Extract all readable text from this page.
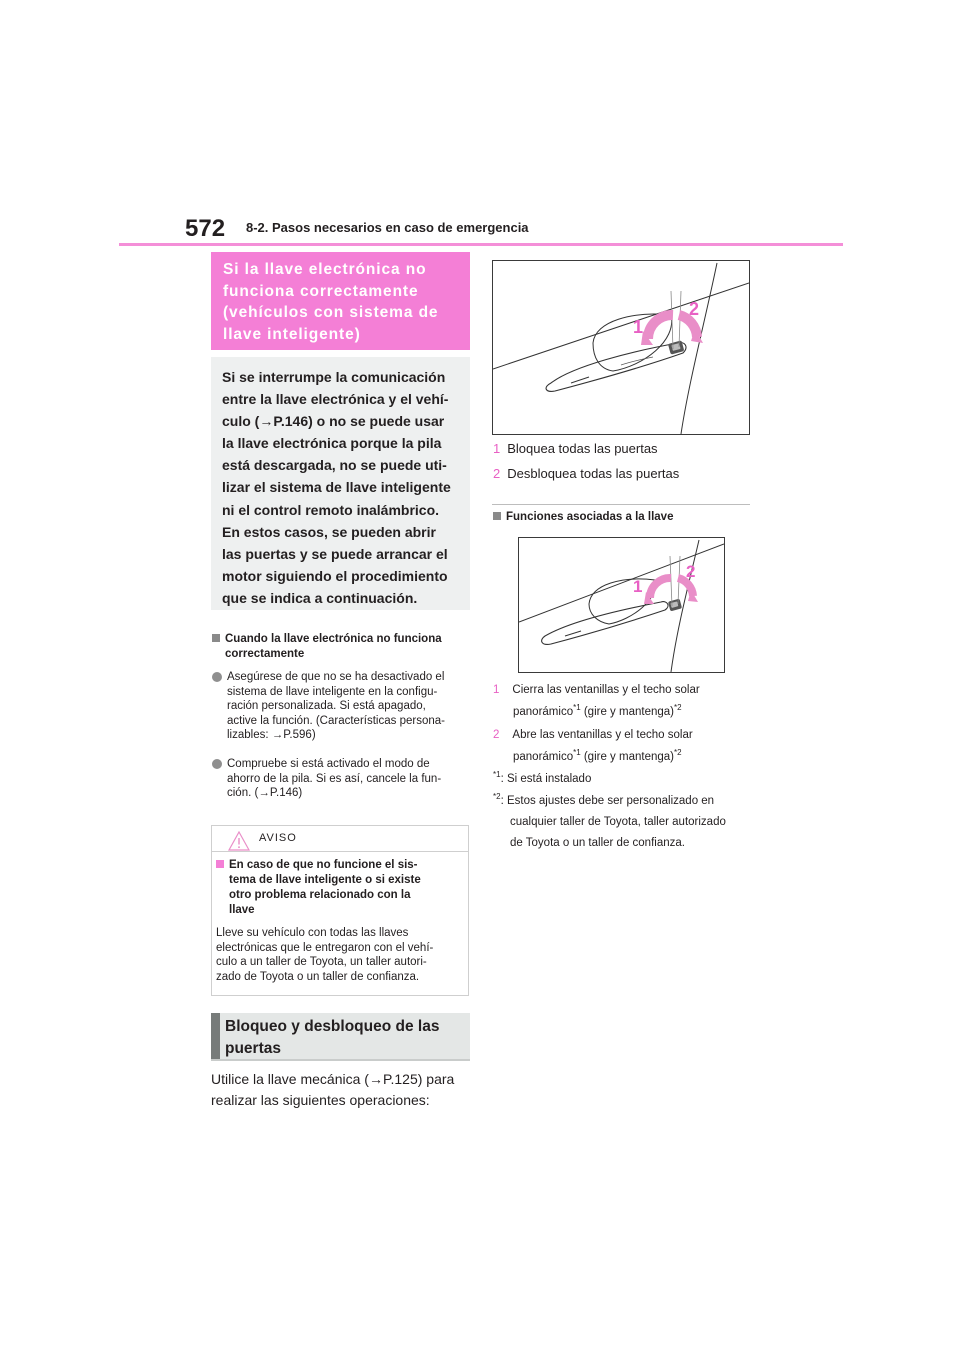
572 8-2. Pasos necesarios en caso de emergencia
Si la llave electrónica no funciona correctamente (vehículos con sistema de llave inteligente)
Si se interrumpe la comunicación
entre la llave electrónica y el vehí-
culo (→P.146) o no se puede usar
la llave electrónica porque la pila
está descargada, no se puede uti-
lizar el sistema de llave inteligente
ni el control remoto inalámbrico.
En estos casos, se pueden abrir
las puertas y se puede arrancar el
motor siguiendo el procedimiento
que se indica a continuación.
Cuando la llave electrónica no funciona
correctamente
Asegúrese de que no se ha desactivado el
sistema de llave inteligente en la configu-
ración personalizada. Si está apagado,
active la función. (Características persona-
lizables: →P.596)
Compruebe si está activado el modo de
ahorro de la pila. Si es así, cancele la fun-
ción. (→P.146)
AVISO
En caso de que no funcione el sis-
tema de llave inteligente o si existe
otro problema relacionado con la
llave
Lleve su vehículo con todas las llaves
electrónicas que le entregaron con el vehí-
culo a un taller de Toyota, un taller autori-
zado de Toyota o un taller de confianza.
Bloqueo y desbloqueo de las
puertas
Utilice la llave mecánica (→P.125) para
realizar las siguientes operaciones:
1
2
1 Bloquea todas las puertas
2 Desbloquea todas las puertas
Funciones asociadas a la llave
1
2
1 Cierra las ventanillas y el techo solar
panorámico$^{*1}$ (gire y mantenga)$^{*2}$
2 Abre las ventanillas y el techo solar
panorámico$^{*1}$ (gire y mantenga)$^{*2}$
$^{*1}$: Si está instalado
$^{*2}$: Estos ajustes debe ser personalizado en
cualquier taller de Toyota, taller autorizado
de Toyota o un taller de confianza.
